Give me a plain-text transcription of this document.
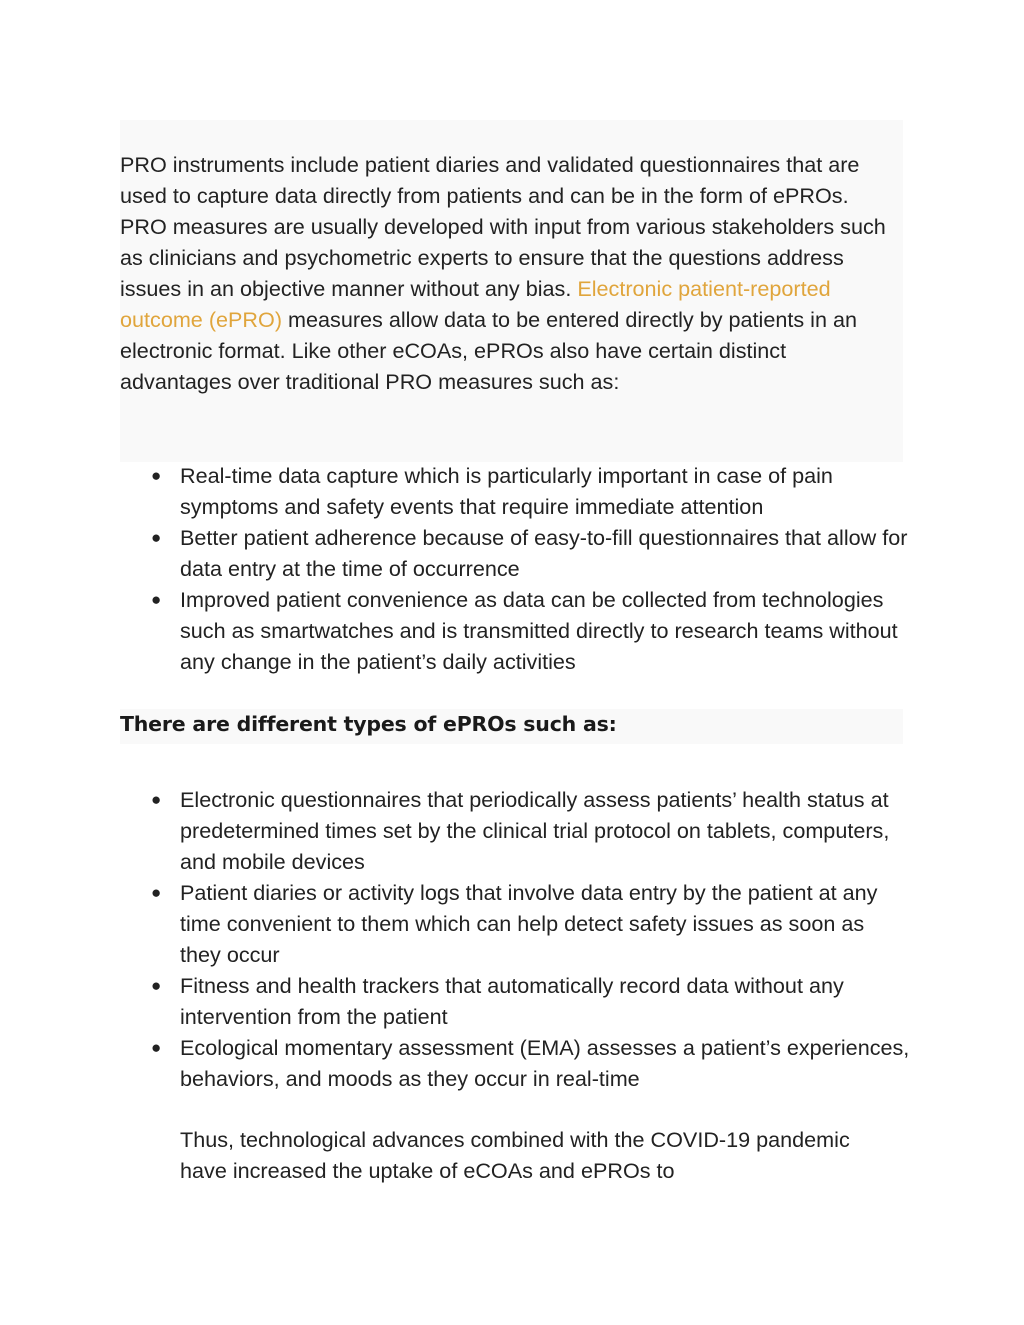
PRO instruments include patient diaries and validated questionnaires that are used to capture data directly from patients and can be in the form of ePROs. PRO measures are usually developed with input from various stakeholders such as clinicians and psychometric experts to ensure that the questions address issues in an objective manner without any bias. Electronic patient-reported outcome (ePRO) measures allow data to be entered directly by patients in an electronic format. Like other eCOAs, ePROs also have certain distinct advantages over traditional PRO measures such as:

● Real-time data capture which is particularly important in case of pain symptoms and safety events that require immediate attention
● Better patient adherence because of easy-to-fill questionnaires that allow for data entry at the time of occurrence
● Improved patient convenience as data can be collected from technologies such as smartwatches and is transmitted directly to research teams without any change in the patient’s daily activities
There are different types of ePROs such as:
● Electronic questionnaires that periodically assess patients’ health status at predetermined times set by the clinical trial protocol on tablets, computers, and mobile devices
● Patient diaries or activity logs that involve data entry by the patient at any time convenient to them which can help detect safety issues as soon as they occur
● Fitness and health trackers that automatically record data without any intervention from the patient
● Ecological momentary assessment (EMA) assesses a patient’s experiences, behaviors, and moods as they occur in real-time

Thus, technological advances combined with the COVID-19 pandemic have increased the uptake of eCOAs and ePROs to
